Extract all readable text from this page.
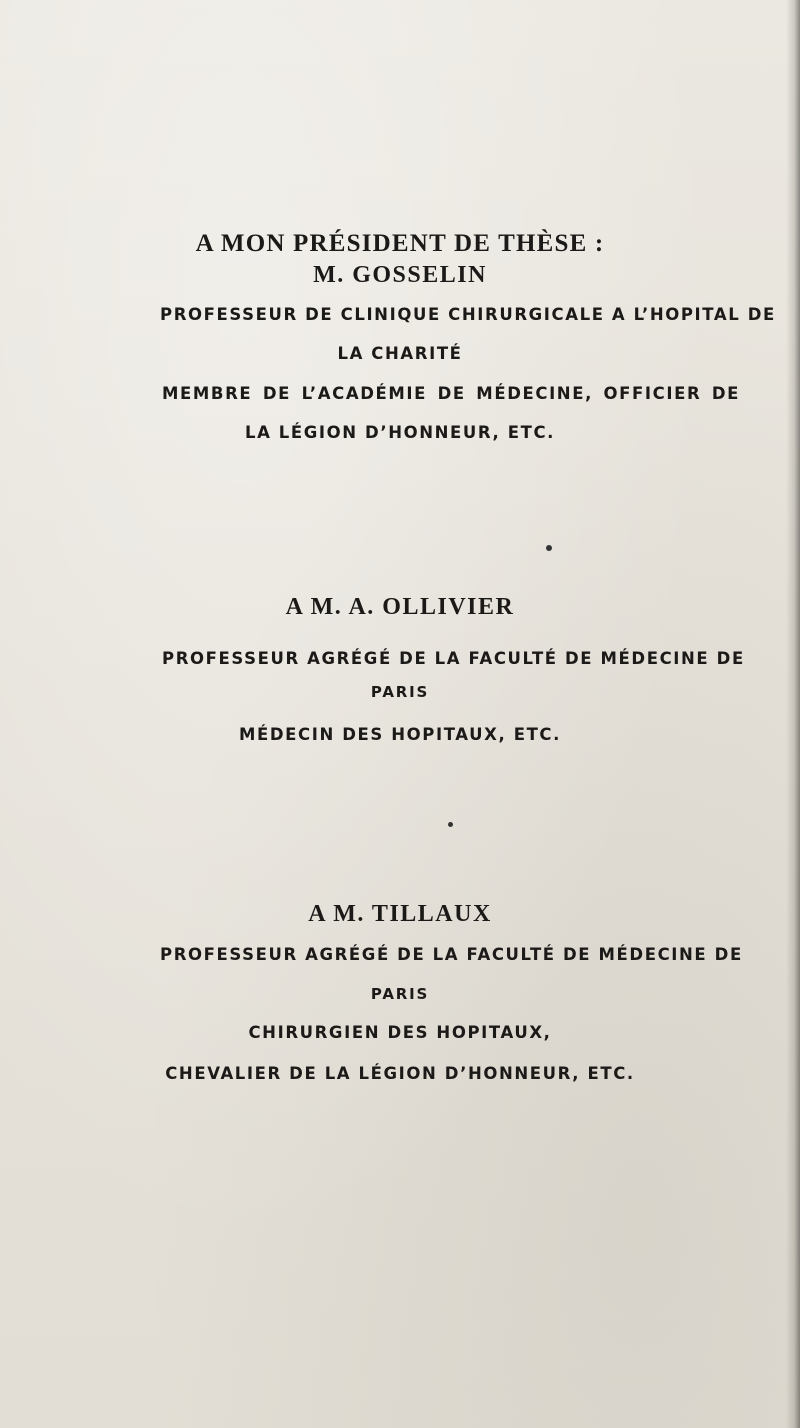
A MON PRÉSIDENT DE THÈSE :
M. GOSSELIN
PROFESSEUR DE CLINIQUE CHIRURGICALE A L’HOPITAL DE
LA CHARITÉ
MEMBRE DE L’ACADÉMIE DE MÉDECINE, OFFICIER DE
LA LÉGION D’HONNEUR, ETC.
A M. A. OLLIVIER
PROFESSEUR AGRÉGÉ DE LA FACULTÉ DE MÉDECINE DE
PARIS
MÉDECIN DES HOPITAUX, ETC.
A M. TILLAUX
PROFESSEUR AGRÉGÉ DE LA FACULTÉ DE MÉDECINE DE
PARIS
CHIRURGIEN DES HOPITAUX,
CHEVALIER DE LA LÉGION D’HONNEUR, ETC.
